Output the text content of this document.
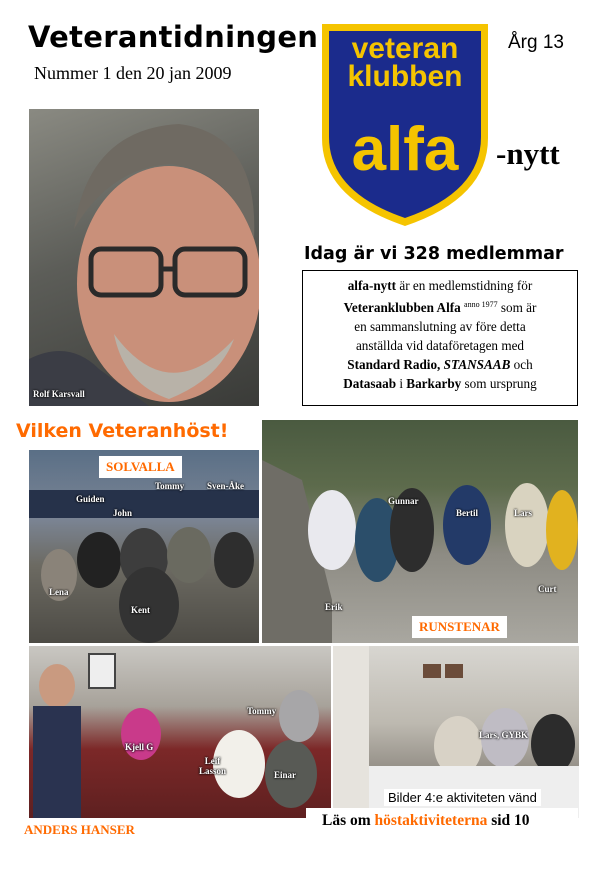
Veterantidningen
Nummer 1 den 20 jan 2009
Årg 13
veteran
klubben
alfa -nytt
Rolf Karsvall
Idag är vi 328 medlemmar
alfa-nytt är en medlemstidning för
Veteranklubben Alfa $^{anno 1977}$ som är
en sammanslutning av före detta
anställda vid dataföretagen med
Standard Radio, STANSAAB och
Datasaab i Barkarby som ursprung
Vilken Veteranhöst!
SOLVALLA
Tommy	Sven-Åke
Guiden
John
Lena
Kent
Gunnar
Bertil	Lars
Erik
Curt
RUNSTENAR
Tommy
Kjell G
Leif
Lasson	Einar
ANDERS HANSER
Lars, GYBK
Bilder 4:e aktiviteten vänd
Läs om höstaktiviteterna sid 10
